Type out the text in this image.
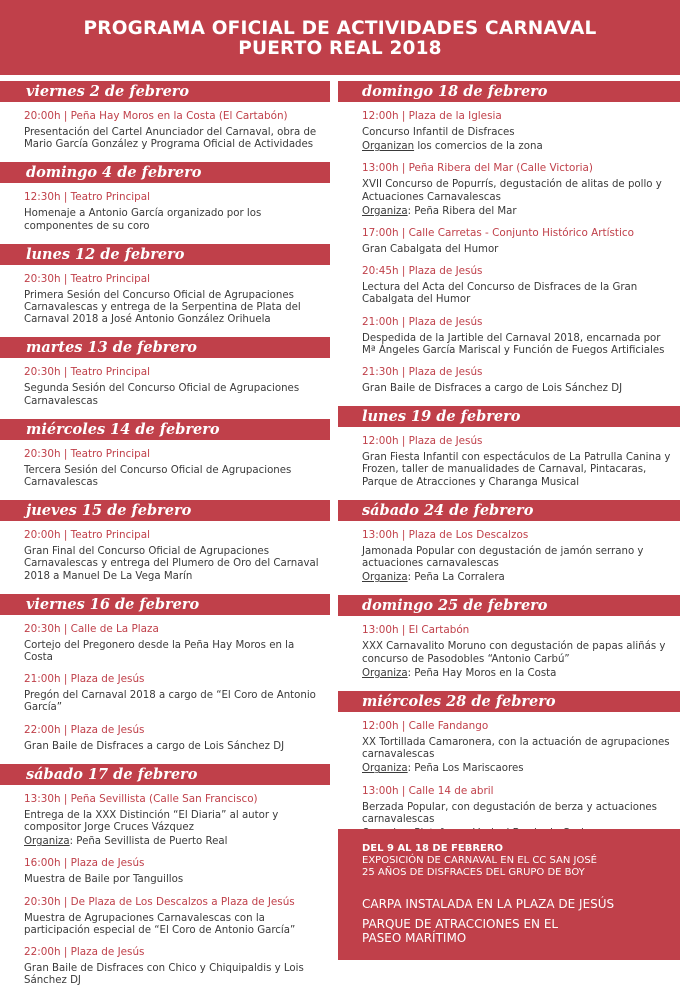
PROGRAMA OFICIAL DE ACTIVIDADES CARNAVAL
PUERTO REAL 2018
viernes 2 de febrero
20:00h | Peña Hay Moros en la Costa (El Cartabón)
Presentación del Cartel Anunciador del Carnaval, obra de Mario García González y Programa Oficial de Actividades
domingo 4 de febrero
12:30h | Teatro Principal
Homenaje a Antonio García organizado por los componentes de su coro
lunes 12 de febrero
20:30h | Teatro Principal
Primera Sesión del Concurso Oficial de Agrupaciones Carnavalescas y entrega de la Serpentina de Plata del Carnaval 2018 a José Antonio González Orihuela
martes 13 de febrero
20:30h | Teatro Principal
Segunda Sesión del Concurso Oficial de Agrupaciones Carnavalescas
miércoles 14 de febrero
20:30h | Teatro Principal
Tercera Sesión del Concurso Oficial de Agrupaciones Carnavalescas
jueves 15 de febrero
20:00h | Teatro Principal
Gran Final del Concurso Oficial de Agrupaciones Carnavalescas y entrega del Plumero de Oro del Carnaval 2018 a Manuel De La Vega Marín
viernes 16 de febrero
20:30h | Calle de La Plaza
Cortejo del Pregonero desde la Peña Hay Moros en la Costa
21:00h | Plaza de Jesús
Pregón del Carnaval 2018 a cargo de “El Coro de Antonio García”
22:00h | Plaza de Jesús
Gran Baile de Disfraces a cargo de Lois Sánchez DJ
sábado 17 de febrero
13:30h | Peña Sevillista (Calle San Francisco)
Entrega de la XXX Distinción “El Diaria” al autor y compositor Jorge Cruces Vázquez
Organiza: Peña Sevillista de Puerto Real
16:00h | Plaza de Jesús
Muestra de Baile por Tanguillos
20:30h | De Plaza de Los Descalzos a Plaza de Jesús
Muestra de Agrupaciones Carnavalescas con la participación especial de “El Coro de Antonio García”
22:00h | Plaza de Jesús
Gran Baile de Disfraces con Chico y Chiquipaldis y Lois Sánchez DJ
domingo 18 de febrero
12:00h | Plaza de la Iglesia
Concurso Infantil de Disfraces
Organizan los comercios de la zona
13:00h | Peña Ribera del Mar (Calle Victoria)
XVII Concurso de Popurrís, degustación de alitas de pollo y Actuaciones Carnavalescas
Organiza: Peña Ribera del Mar
17:00h | Calle Carretas - Conjunto Histórico Artístico
Gran Cabalgata del Humor
20:45h | Plaza de Jesús
Lectura del Acta del Concurso de Disfraces de la Gran Cabalgata del Humor
21:00h | Plaza de Jesús
Despedida de la Jartible del Carnaval 2018, encarnada por Mª Ángeles García Mariscal y Función de Fuegos Artificiales
21:30h | Plaza de Jesús
Gran Baile de Disfraces a cargo de Lois Sánchez DJ
lunes 19 de febrero
12:00h | Plaza de Jesús
Gran Fiesta Infantil con espectáculos de La Patrulla Canina y Frozen, taller de manualidades de Carnaval, Pintacaras, Parque de Atracciones y Charanga Musical
sábado 24 de febrero
13:00h | Plaza de Los Descalzos
Jamonada Popular con degustación de jamón serrano y actuaciones carnavalescas
Organiza: Peña La Corralera
domingo 25 de febrero
13:00h | El Cartabón
XXX Carnavalito Moruno con degustación de papas aliñás y concurso de Pasodobles “Antonio Carbú”
Organiza: Peña Hay Moros en la Costa
miércoles 28 de febrero
12:00h | Calle Fandango
XX Tortillada Camaronera, con la actuación de agrupaciones carnavalescas
Organiza: Peña Los Mariscaores
13:00h | Calle 14 de abril
Berzada Popular, con degustación de berza y actuaciones carnavalescas
DEL 9 AL 18 DE FEBRERO
EXPOSICIÓN DE CARNAVAL EN EL CC SAN JOSÉ
25 AÑOS DE DISFRACES DEL GRUPO DE BOY
CARPA INSTALADA EN LA PLAZA DE JESÚS
PARQUE DE ATRACCIONES EN EL
PASEO MARÍTIMO
